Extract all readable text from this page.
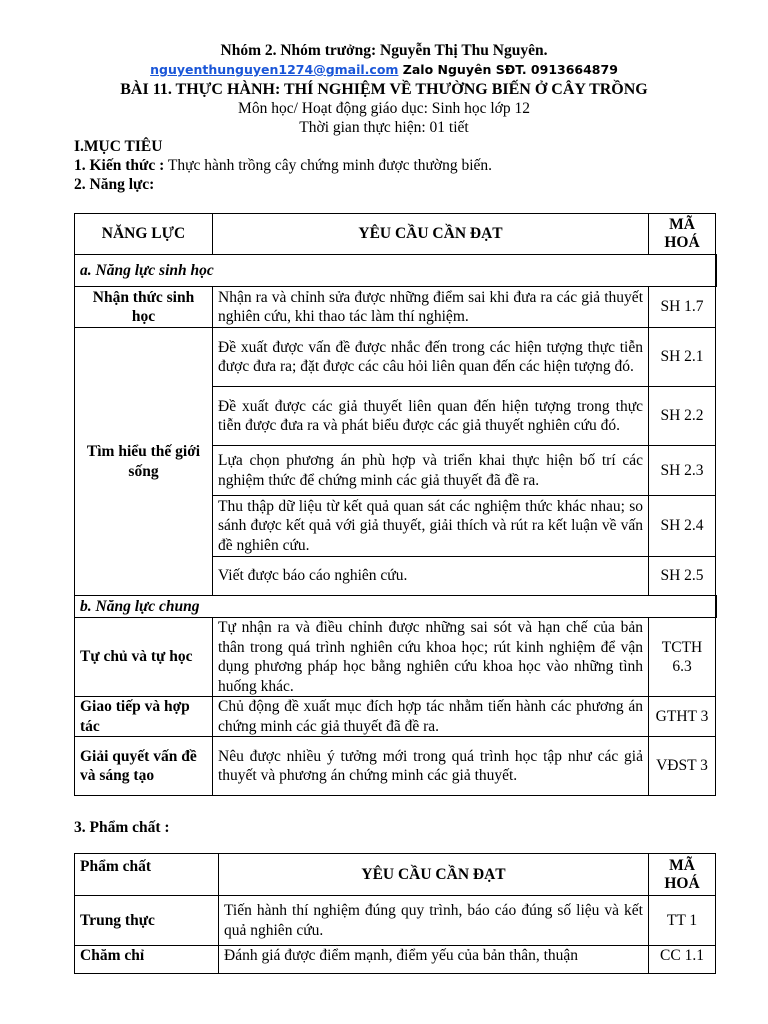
Nhóm 2. Nhóm trưởng: Nguyễn Thị Thu Nguyên.
nguyenthunguyen1274@gmail.com Zalo Nguyên SĐT. 0913664879
BÀI 11. THỰC HÀNH: THÍ NGHIỆM VỀ THƯỜNG BIẾN Ở CÂY TRỒNG
Môn học/ Hoạt động giáo dục: Sinh học lớp 12
Thời gian thực hiện: 01 tiết
I.MỤC TIÊU
1. Kiến thức : Thực hành trồng cây chứng minh được thường biến.
2. Năng lực:
NĂNG LỰC	YÊU CẦU CẦN ĐẠT	MÃ HOÁ
a. Năng lực sinh học		
Nhận thức sinh học	Nhận ra và chỉnh sửa được những điểm sai khi đưa ra các giả thuyết nghiên cứu, khi thao tác làm thí nghiệm.	SH 1.7
Tìm hiểu thế giới sống	Đề xuất được vấn đề được nhắc đến trong các hiện tượng thực tiễn được đưa ra; đặt được các câu hỏi liên quan đến các hiện tượng đó.	SH 2.1
	Đề xuất được các giả thuyết liên quan đến hiện tượng trong thực tiễn được đưa ra và phát biểu được các giả thuyết nghiên cứu đó.	SH 2.2
	Lựa chọn phương án phù hợp và triển khai thực hiện bố trí các nghiệm thức để chứng minh các giả thuyết đã đề ra.	SH 2.3
	Thu thập dữ liệu từ kết quả quan sát các nghiệm thức khác nhau; so sánh được kết quả với giả thuyết, giải thích và rút ra kết luận về vấn đề nghiên cứu.	SH 2.4
	Viết được báo cáo nghiên cứu.	SH 2.5
b. Năng lực chung		
Tự chủ và tự học	Tự nhận ra và điều chỉnh được những sai sót và hạn chế của bản thân trong quá trình nghiên cứu khoa học; rút kinh nghiệm để vận dụng phương pháp học bằng nghiên cứu khoa học vào những tình huống khác.	TCTH 6.3
Giao tiếp và hợp tác	Chủ động đề xuất mục đích hợp tác nhằm tiến hành các phương án chứng minh các giả thuyết đã đề ra.	GTHT 3
Giải quyết vấn đề và sáng tạo	Nêu được nhiều ý tưởng mới trong quá trình học tập như các giả thuyết và phương án chứng minh các giả thuyết.	VĐST 3
3. Phẩm chất :
Phẩm chất	YÊU CẦU CẦN ĐẠT	MÃ HOÁ
Trung thực	Tiến hành thí nghiệm đúng quy trình, báo cáo đúng số liệu và kết quả nghiên cứu.	TT 1
Chăm chỉ	Đánh giá được điểm mạnh, điểm yếu của bản thân, thuận	CC 1.1
